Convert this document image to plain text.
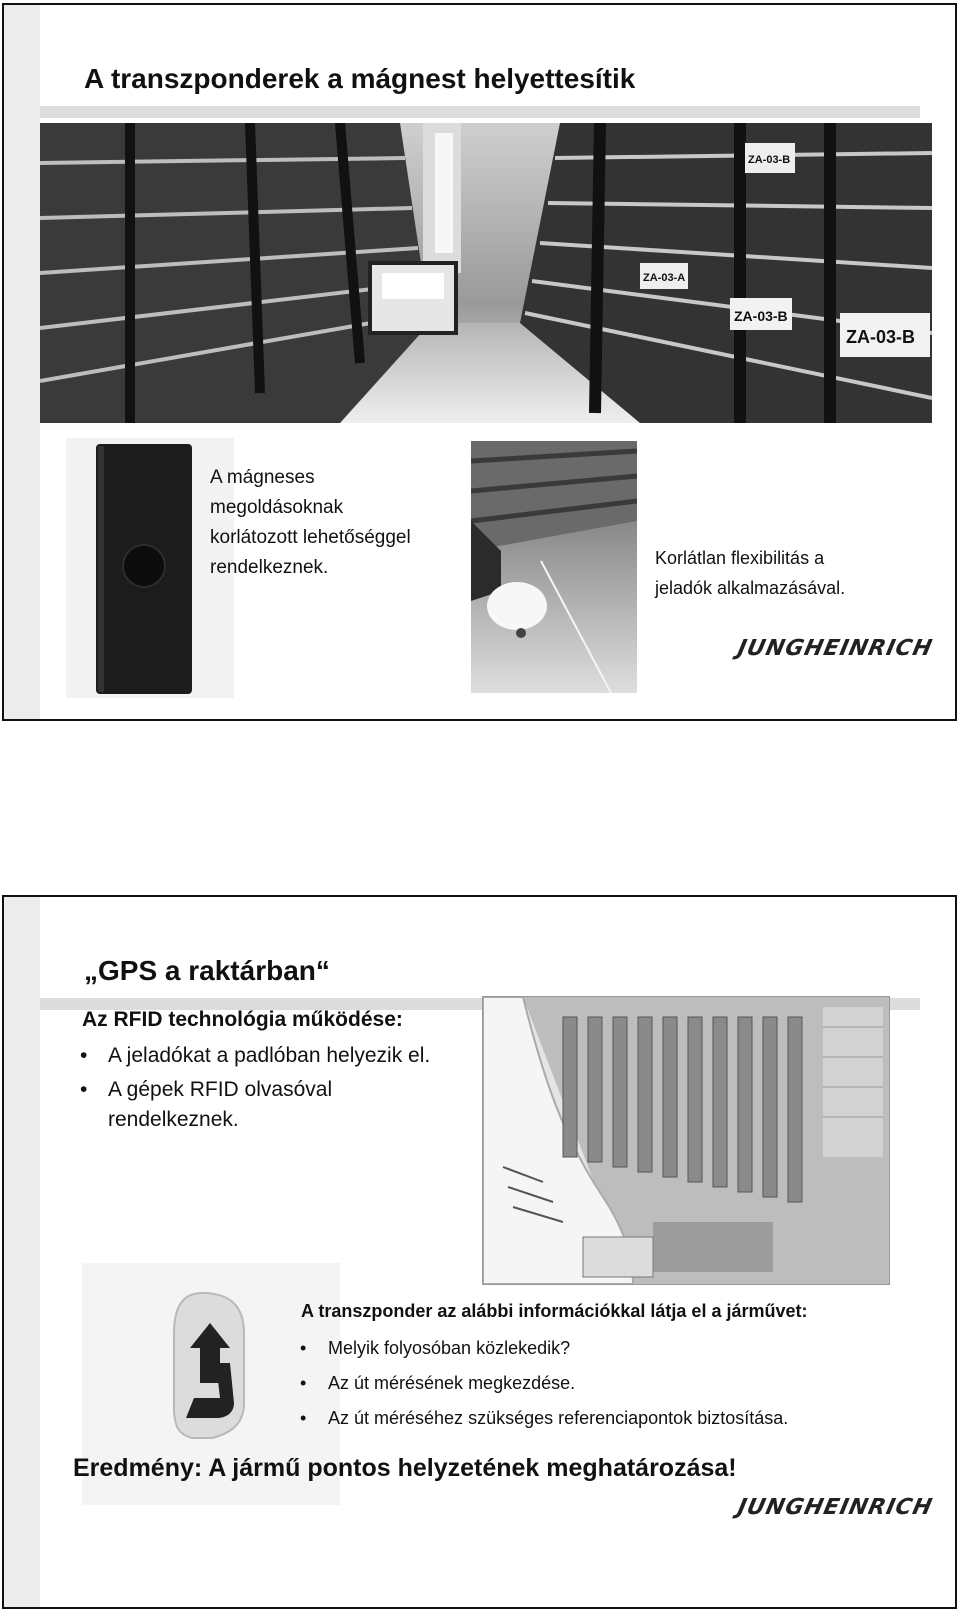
A transzponderek a mágnest helyettesítik
ZA-03-B
ZA-03-B
ZA-03-A
ZA-03-B
A mágneses
megoldásoknak
korlátozott lehetőséggel
rendelkeznek.	Korlátlan flexibilitás a
jeladók alkalmazásával.
JUNGHEINRICH
„GPS a raktárban“
Az RFID technológia működése:
• A jeladókat a padlóban helyezik el.
• A gépek RFID olvasóval rendelkeznek.
A transzponder az alábbi információkkal látja el a járművet:
• Melyik folyosóban közlekedik?
• Az út mérésének megkezdése.
• Az út méréséhez szükséges referenciapontok biztosítása.
Eredmény: A jármű pontos helyzetének meghatározása!
JUNGHEINRICH
